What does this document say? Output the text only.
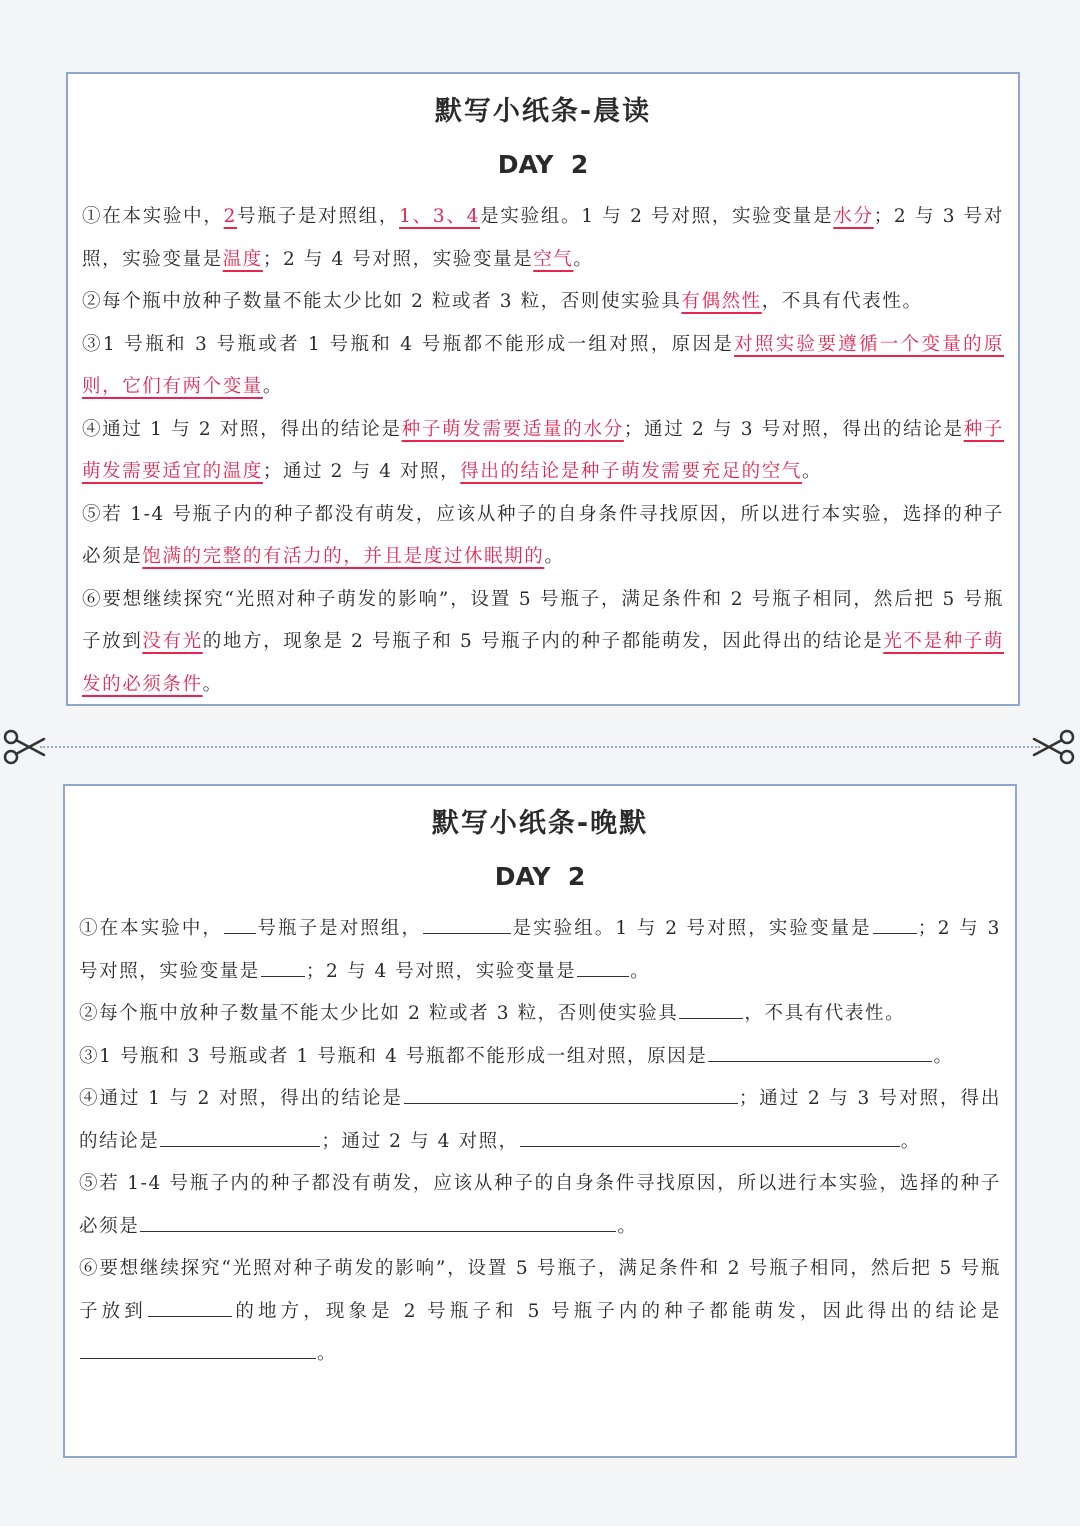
默写小纸条-晨读
DAY  2

①在本实验中，2号瓶子是对照组，1、3、4是实验组。1 与 2 号对照，实验变量是水分；2 与 3 号对照，实验变量是温度；2 与 4 号对照，实验变量是空气。

②每个瓶中放种子数量不能太少比如 2 粒或者 3 粒，否则使实验具有偶然性，不具有代表性。

③1 号瓶和 3 号瓶或者 1 号瓶和 4 号瓶都不能形成一组对照，原因是对照实验要遵循一个变量的原则，它们有两个变量。

④通过 1 与 2 对照，得出的结论是种子萌发需要适量的水分；通过 2 与 3 号对照，得出的结论是种子萌发需要适宜的温度；通过 2 与 4 对照，得出的结论是种子萌发需要充足的空气。

⑤若 1-4 号瓶子内的种子都没有萌发，应该从种子的自身条件寻找原因，所以进行本实验，选择的种子必须是饱满的完整的有活力的，并且是度过休眠期的。

⑥要想继续探究“光照对种子萌发的影响”，设置 5 号瓶子，满足条件和 2 号瓶子相同，然后把 5 号瓶子放到没有光的地方，现象是 2 号瓶子和 5 号瓶子内的种子都能萌发，因此得出的结论是光不是种子萌发的必须条件。

默写小纸条-晚默
DAY  2

①在本实验中， 号瓶子是对照组，	是实验组。1 与 2 号对照，实验变量是 ；2 与 3 号对照，实验变量是 ；2 与 4 号对照，实验变量是	。

②每个瓶中放种子数量不能太少比如 2 粒或者 3 粒，否则使实验具	，不具有代表性。

③1 号瓶和 3 号瓶或者 1 号瓶和 4 号瓶都不能形成一组对照，原因是	。

④通过 1 与 2 对照，得出的结论是	；通过 2 与 3 号对照，得出的结论是	；通过 2 与 4 对照，	。

⑤若 1-4 号瓶子内的种子都没有萌发，应该从种子的自身条件寻找原因，所以进行本实验，选择的种子必须是	。

⑥要想继续探究“光照对种子萌发的影响”，设置 5 号瓶子，满足条件和 2 号瓶子相同，然后把 5 号瓶子放到	的地方，现象是 2 号瓶子和 5 号瓶子内的种子都能萌发，因此得出的结论是。
